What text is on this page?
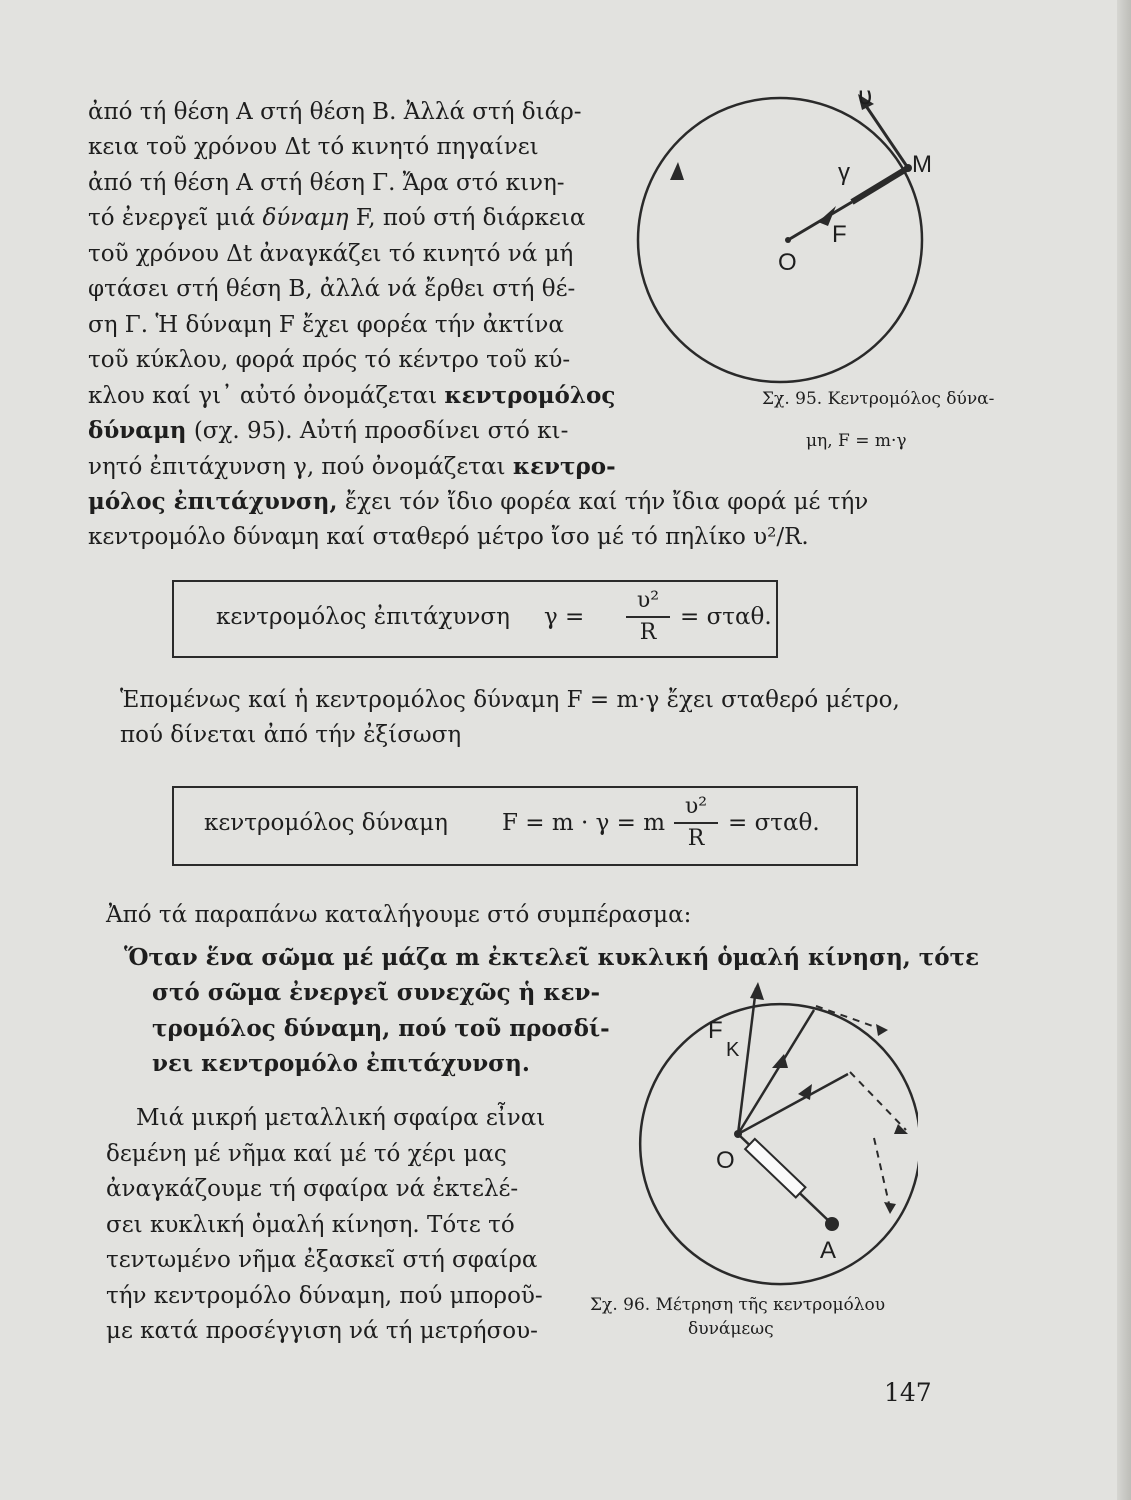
ἀπό τή θέση Α στή θέση Β. Ἀλλά στή διάρ-
κεια τοῦ χρόνου Δt τό κινητό πηγαίνει
ἀπό τή θέση Α στή θέση Γ. Ἄρα στό κινη-
τό ἐνεργεῖ μιά δύναμη F, πού στή διάρκεια
τοῦ χρόνου Δt ἀναγκάζει τό κινητό νά μή
φτάσει στή θέση Β, ἀλλά νά ἔρθει στή θέ-
ση Γ. Ἡ δύναμη F ἔχει φορέα τήν ἀκτίνα
τοῦ κύκλου, φορά πρός τό κέντρο τοῦ κύ-
κλου καί γι᾽ αὐτό ὀνομάζεται κεντρομόλος
δύναμη (σχ. 95). Αὐτή προσδίνει στό κι-
νητό ἐπιτάχυνση γ, πού ὀνομάζεται κεντρο-
μόλος ἐπιτάχυνση, ἔχει τόν ἴδιο φορέα καί τήν ἴδια φορά μέ τήν
κεντρομόλο δύναμη καί σταθερό μέτρο ἴσο μέ τό πηλίκο υ²/R.
υ
γ	M
F
O
Σχ. 95. Κεντρομόλος δύνα-
μη, F = m·γ
κεντρομόλος ἐπιτάχυνση γ =
υ²
R
= σταθ.
Ἑπομένως καί ἡ κεντρομόλος δύναμη F = m·γ ἔχει σταθερό μέτρο,
πού δίνεται ἀπό τήν ἐξίσωση
κεντρομόλος δύναμη F = m · γ = m
υ²
R
= σταθ.
Ἀπό τά παραπάνω καταλήγουμε στό συμπέρασμα:
Ὅταν ἕνα σῶμα μέ μάζα m ἐκτελεῖ κυκλική ὁμαλή κίνηση, τότε
στό σῶμα ἐνεργεῖ συνεχῶς ἡ κεν-
τρομόλος δύναμη, πού τοῦ προσδί-
νει κεντρομόλο ἐπιτάχυνση.
Μιά μικρή μεταλλική σφαίρα εἶναι
δεμένη μέ νῆμα καί μέ τό χέρι μας
ἀναγκάζουμε τή σφαίρα νά ἐκτελέ-
σει κυκλική ὁμαλή κίνηση. Τότε τό
τεντωμένο νῆμα ἐξασκεῖ στή σφαίρα
τήν κεντρομόλο δύναμη, πού μποροῦ-
με κατά προσέγγιση νά τή μετρήσου-
F
K
O
A
Σχ. 96. Μέτρηση τῆς κεντρομόλου
δυνάμεως
147
